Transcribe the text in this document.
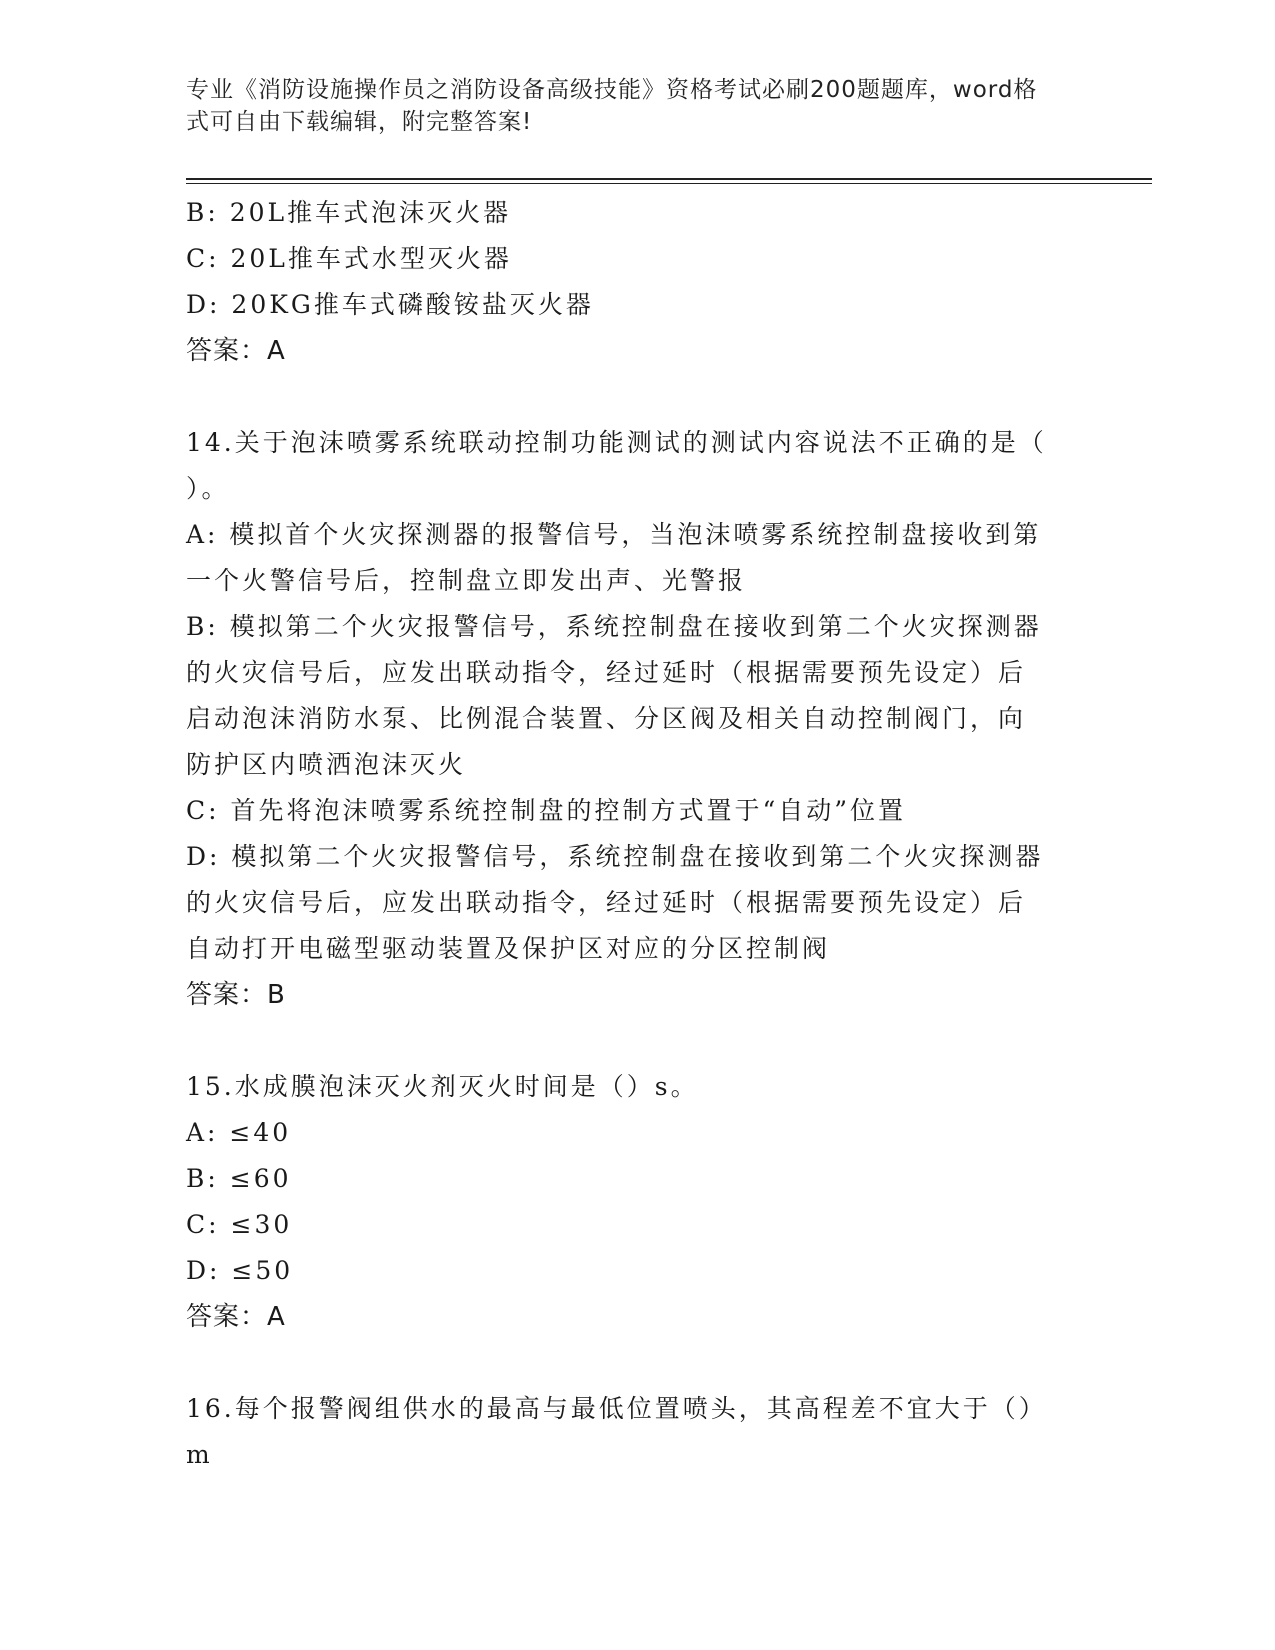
专业《消防设施操作员之消防设备高级技能》资格考试必刷200题题库，word格
式可自由下载编辑，附完整答案!
B: 20L推车式泡沫灭火器
C: 20L推车式水型灭火器
D: 20KG推车式磷酸铵盐灭火器
答案：A
14.关于泡沫喷雾系统联动控制功能测试的测试内容说法不正确的是（
）。
A: 模拟首个火灾探测器的报警信号，当泡沫喷雾系统控制盘接收到第
一个火警信号后，控制盘立即发出声、光警报
B: 模拟第二个火灾报警信号，系统控制盘在接收到第二个火灾探测器
的火灾信号后，应发出联动指令，经过延时（根据需要预先设定）后
启动泡沫消防水泵、比例混合装置、分区阀及相关自动控制阀门，向
防护区内喷洒泡沫灭火
C: 首先将泡沫喷雾系统控制盘的控制方式置于“自动”位置
D: 模拟第二个火灾报警信号，系统控制盘在接收到第二个火灾探测器
的火灾信号后，应发出联动指令，经过延时（根据需要预先设定）后
自动打开电磁型驱动装置及保护区对应的分区控制阀
答案：B
15.水成膜泡沫灭火剂灭火时间是（）s。
A: ≤40
B: ≤60
C: ≤30
D: ≤50
答案：A
16.每个报警阀组供水的最高与最低位置喷头，其高程差不宜大于（）
m
